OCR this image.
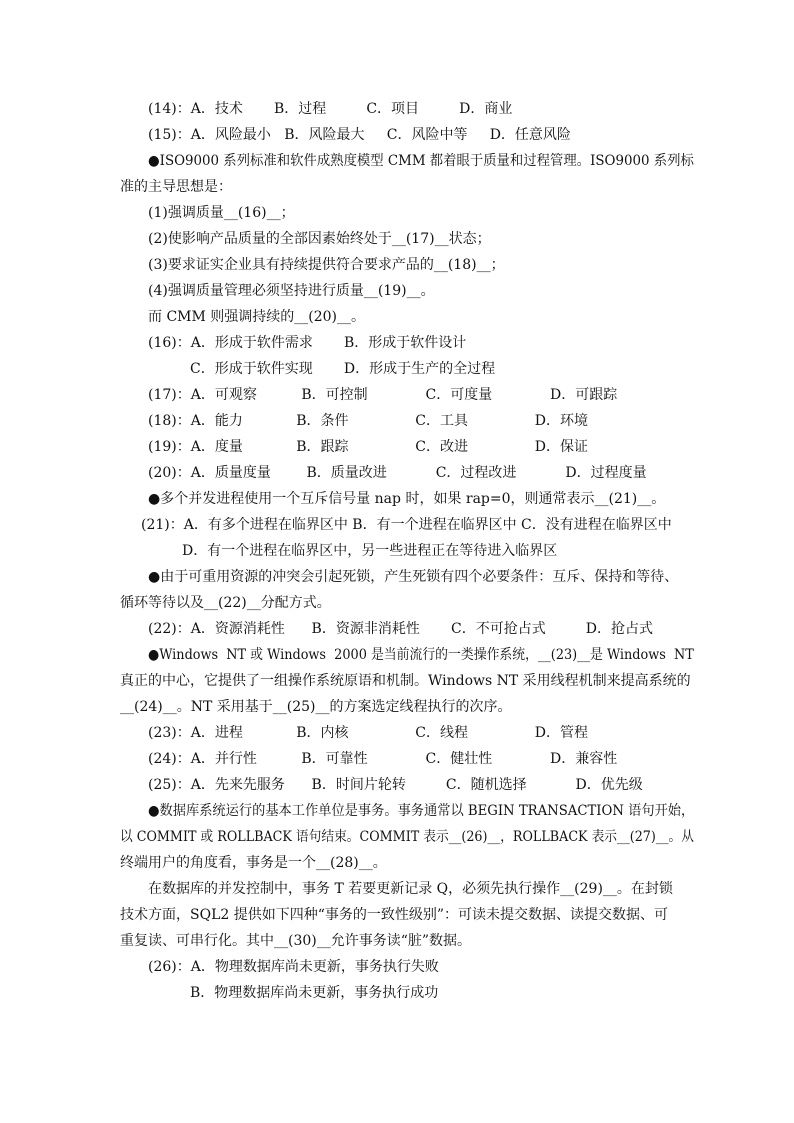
(14)：A．技术       B．过程         C．项目         D．商业
(15)：A．风险最小   B．风险最大     C．风险中等     D．任意风险
●ISO9000 系列标准和软件成熟度模型 CMM 都着眼于质量和过程管理。ISO9000 系列标
准的主导思想是：
(1)强调质量__(16)__；
(2)使影响产品质量的全部因素始终处于__(17)__状态；
(3)要求证实企业具有持续提供符合要求产品的__(18)__；
(4)强调质量管理必须坚持进行质量__(19)__。
而 CMM 则强调持续的__(20)__。
(16)：A．形成于软件需求       B．形成于软件设计
C．形成于软件实现       D．形成于生产的全过程
(17)：A．可观察          B．可控制             C．可度量             D．可跟踪
(18)：A．能力            B．条件               C．工具               D．环境
(19)：A．度量            B．跟踪               C．改进               D．保证
(20)：A．质量度量        B．质量改进           C．过程改进           D．过程度量
●多个并发进程使用一个互斥信号量 nap 时，如果 rap=0，则通常表示__(21)__。
(21)：A．有多个进程在临界区中 B．有一个进程在临界区中 C．没有进程在临界区中
D．有一个进程在临界区中，另一些进程正在等待进入临界区
●由于可重用资源的冲突会引起死锁，产生死锁有四个必要条件：互斥、保持和等待、
循环等待以及__(22)__分配方式。
(22)：A．资源消耗性      B．资源非消耗性       C．不可抢占式         D．抢占式
●Windows  NT 或 Windows  2000 是当前流行的一类操作系统，__(23)__是 Windows  NT
真正的中心，它提供了一组操作系统原语和机制。Windows NT 采用线程机制来提高系统的
__(24)__。NT 采用基于__(25)__的方案选定线程执行的次序。
(23)：A．进程            B．内核               C．线程               D．管程
(24)：A．并行性          B．可靠性             C．健壮性             D．兼容性
(25)：A．先来先服务      B．时间片轮转         C．随机选择           D．优先级
●数据库系统运行的基本工作单位是事务。事务通常以 BEGIN TRANSACTION 语句开始，
以 COMMIT 或 ROLLBACK 语句结束。COMMIT 表示__(26)__，ROLLBACK 表示__(27)__。从
终端用户的角度看，事务是一个__(28)__。
在数据库的并发控制中，事务 T 若要更新记录 Q，必须先执行操作__(29)__。在封锁
技术方面，SQL2 提供如下四种“事务的一致性级别”：可读未提交数据、读提交数据、可
重复读、可串行化。其中__(30)__允许事务读“脏”数据。
(26)：A．物理数据库尚未更新，事务执行失败
B．物理数据库尚未更新，事务执行成功
